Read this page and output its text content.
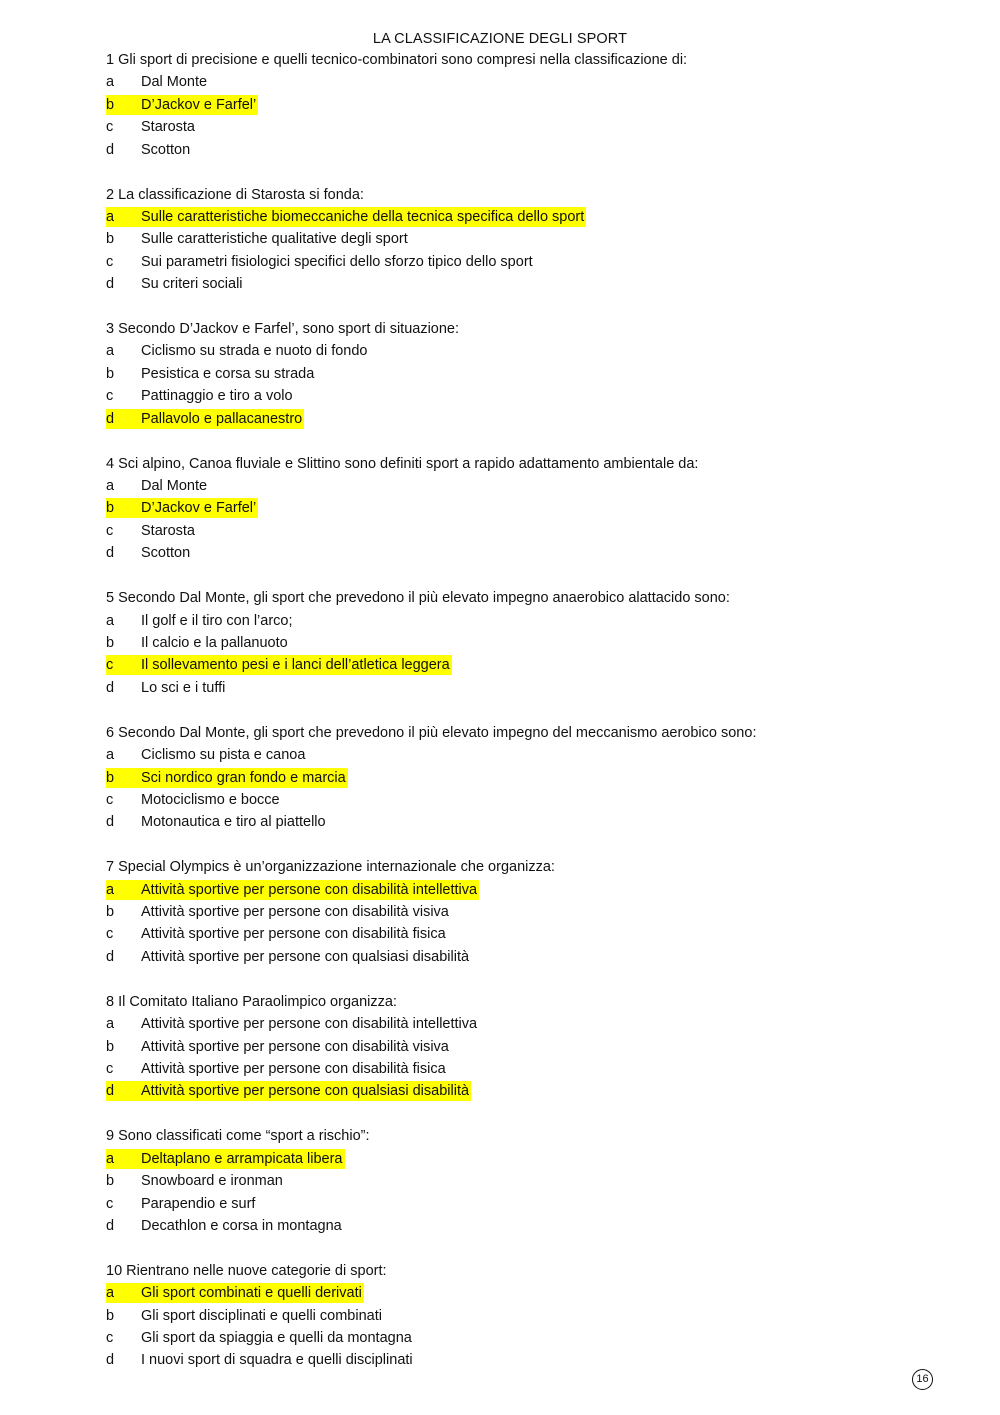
LA CLASSIFICAZIONE DEGLI SPORT
1 Gli sport di precisione e quelli tecnico-combinatori sono compresi nella classificazione di:
a Dal Monte
b D’Jackov e Farfel’
c Starosta
d Scotton
2 La classificazione di Starosta si fonda:
a Sulle caratteristiche biomeccaniche della tecnica specifica dello sport
b Sulle caratteristiche qualitative degli sport
c Sui parametri fisiologici specifici dello sforzo tipico dello sport
d Su criteri sociali
3 Secondo D’Jackov e Farfel’, sono sport di situazione:
a Ciclismo su strada e nuoto di fondo
b Pesistica e corsa su strada
c Pattinaggio e tiro a volo
d Pallavolo e pallacanestro
4 Sci alpino, Canoa fluviale e Slittino sono definiti sport a rapido adattamento ambientale da:
a Dal Monte
b D’Jackov e Farfel’
c Starosta
d Scotton
5 Secondo Dal Monte, gli sport che prevedono il più elevato impegno anaerobico alattacido sono:
a Il golf e il tiro con l’arco;
b Il calcio e la pallanuoto
c Il sollevamento pesi e i lanci dell’atletica leggera
d Lo sci e i tuffi
6 Secondo Dal Monte, gli sport che prevedono il più elevato impegno del meccanismo aerobico sono:
a Ciclismo su pista e canoa
b Sci nordico gran fondo e marcia
c Motociclismo e bocce
d Motonautica e tiro al piattello
7 Special Olympics è un’organizzazione internazionale che organizza:
a Attività sportive per persone con disabilità intellettiva
b Attività sportive per persone con disabilità visiva
c Attività sportive per persone con disabilità fisica
d Attività sportive per persone con qualsiasi disabilità
8 Il Comitato Italiano Paraolimpico organizza:
a Attività sportive per persone con disabilità intellettiva
b Attività sportive per persone con disabilità visiva
c Attività sportive per persone con disabilità fisica
d Attività sportive per persone con qualsiasi disabilità
9 Sono classificati come “sport a rischio”:
a Deltaplano e arrampicata libera
b Snowboard e ironman
c Parapendio e surf
d Decathlon e corsa in montagna
10 Rientrano nelle nuove categorie di sport:
a Gli sport combinati e quelli derivati
b Gli sport disciplinati e quelli combinati
c Gli sport da spiaggia e quelli da montagna
d I nuovi sport di squadra e quelli disciplinati
16
